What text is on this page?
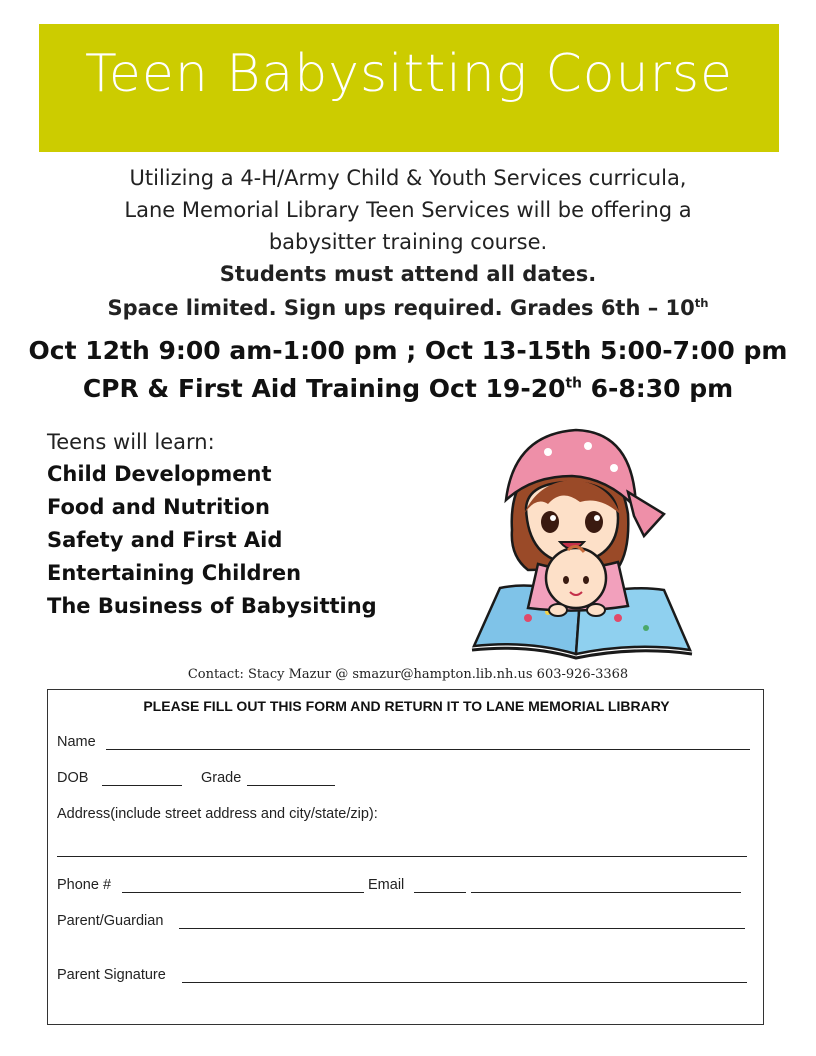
Teen Babysitting Course
Utilizing a 4-H/Army Child & Youth Services curricula,
Lane Memorial Library Teen Services will be offering a
babysitter training course.
Students must attend all dates.
Space limited. Sign ups required. Grades 6th – 10th
Oct 12th 9:00 am-1:00 pm ; Oct 13-15th 5:00-7:00 pm
CPR & First Aid Training Oct 19-20th 6-8:30 pm
Teens will learn:
Child Development
Food and Nutrition
Safety and First Aid
Entertaining Children
The Business of Babysitting
Contact: Stacy Mazur @ smazur@hampton.lib.nh.us 603-926-3368
PLEASE FILL OUT THIS FORM AND RETURN IT TO LANE MEMORIAL LIBRARY
Name
DOB	Grade
Address(include street address and city/state/zip):
Phone #	Email
Parent/Guardian
Parent Signature
